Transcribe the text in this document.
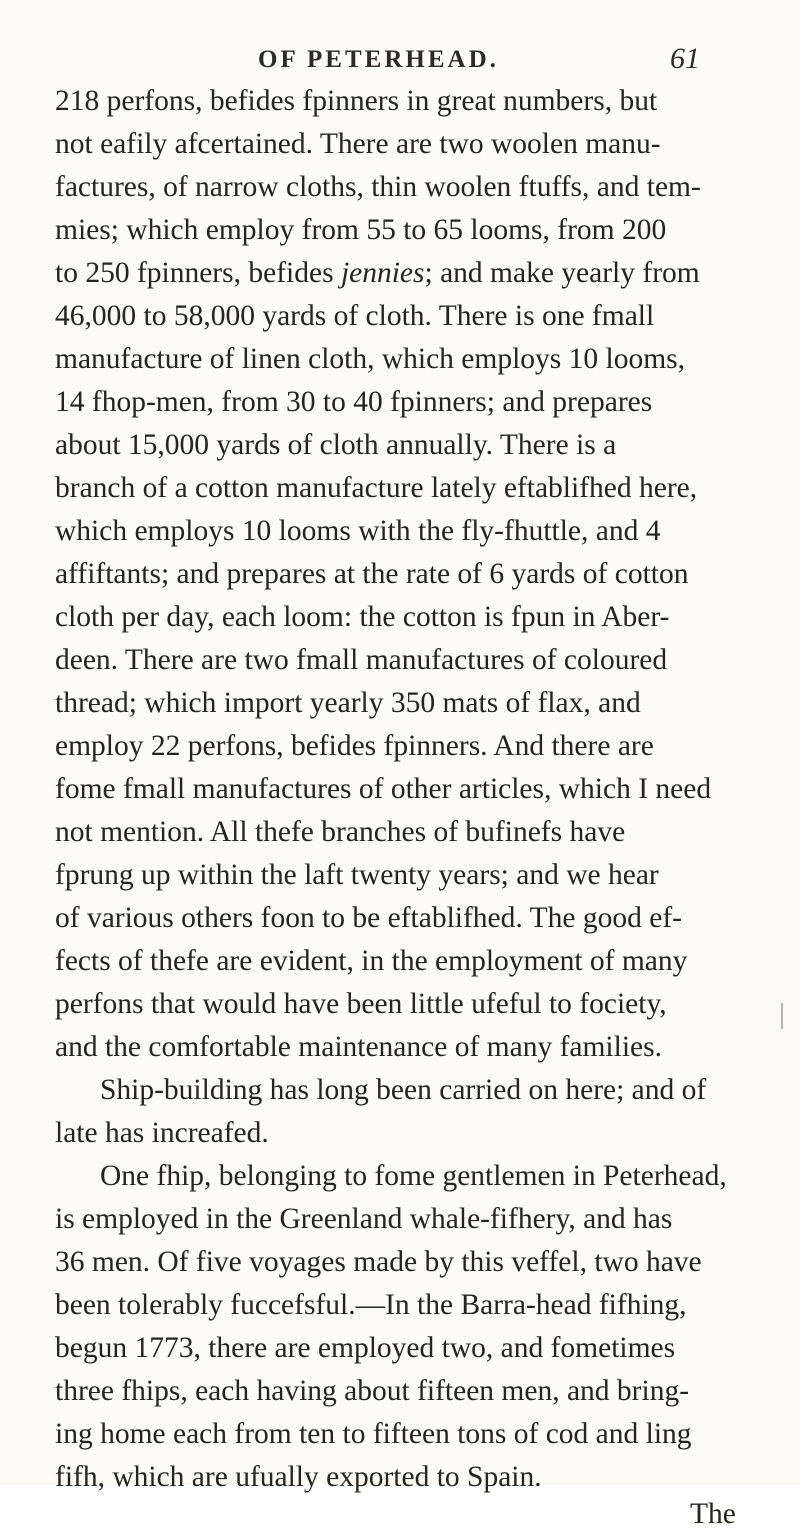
OF PETERHEAD.	61
218 perfons, befides fpinners in great numbers, but
not eafily afcertained. There are two woolen manu-
factures, of narrow cloths, thin woolen ftuffs, and tem-
mies; which employ from 55 to 65 looms, from 200
to 250 fpinners, befides jennies; and make yearly from
46,000 to 58,000 yards of cloth. There is one fmall
manufacture of linen cloth, which employs 10 looms,
14 fhop-men, from 30 to 40 fpinners; and prepares
about 15,000 yards of cloth annually. There is a
branch of a cotton manufacture lately eftablifhed here,
which employs 10 looms with the fly-fhuttle, and 4
affiftants; and prepares at the rate of 6 yards of cotton
cloth per day, each loom: the cotton is fpun in Aber-
deen. There are two fmall manufactures of coloured
thread; which import yearly 350 mats of flax, and
employ 22 perfons, befides fpinners. And there are
fome fmall manufactures of other articles, which I need
not mention. All thefe branches of bufinefs have
fprung up within the laft twenty years; and we hear
of various others foon to be eftablifhed. The good ef-
fects of thefe are evident, in the employment of many
perfons that would have been little ufeful to fociety,
and the comfortable maintenance of many families.
Ship-building has long been carried on here; and of
late has increafed.
One fhip, belonging to fome gentlemen in Peterhead,
is employed in the Greenland whale-fifhery, and has
36 men. Of five voyages made by this veffel, two have
been tolerably fuccefsful.—In the Barra-head fifhing,
begun 1773, there are employed two, and fometimes
three fhips, each having about fifteen men, and bring-
ing home each from ten to fifteen tons of cod and ling
fifh, which are ufually exported to Spain.
The
